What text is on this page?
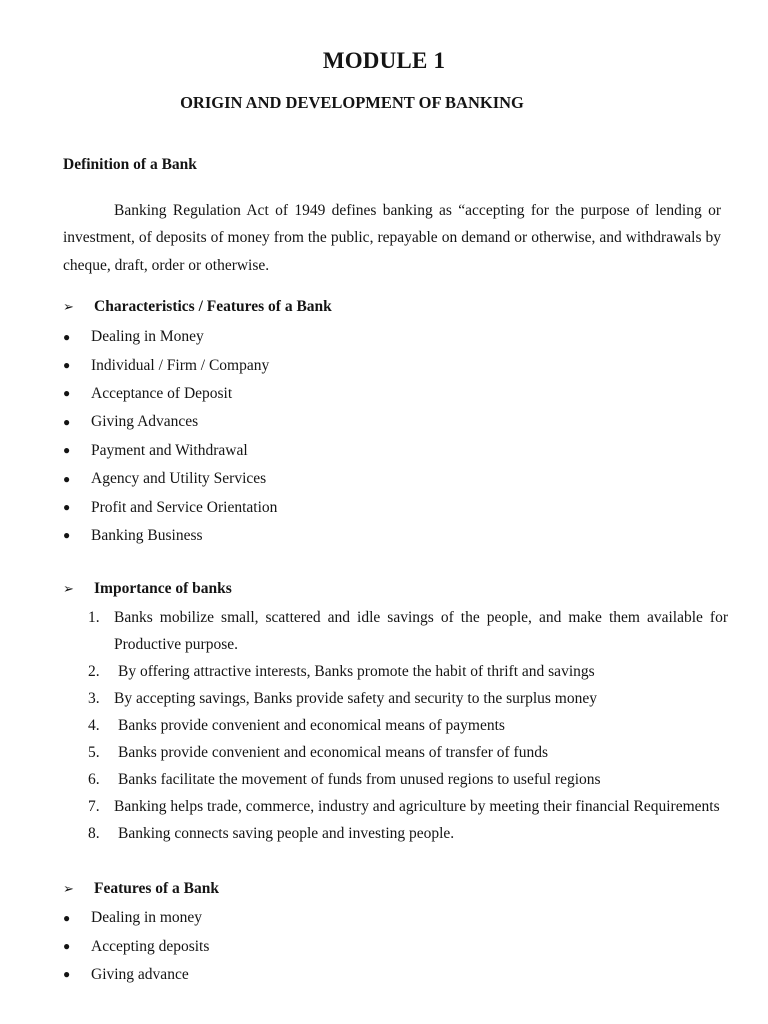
MODULE 1
ORIGIN AND DEVELOPMENT OF BANKING
Definition of a Bank

Banking Regulation Act of 1949 defines banking as “accepting for the purpose of lending or investment, of deposits of money from the public, repayable on demand or otherwise, and withdrawals by cheque, draft, order or otherwise.

➢	Characteristics / Features of a Bank
●	Dealing in Money
●	Individual / Firm / Company
●	Acceptance of Deposit
●	Giving Advances
●	Payment and Withdrawal
●	Agency and Utility Services
●	Profit and Service Orientation
●	Banking Business
➢	Importance of banks
1. Banks mobilize small, scattered and idle savings of the people, and make them available for Productive purpose.
2.	By offering attractive interests, Banks promote the habit of thrift and savings
3. By accepting savings, Banks provide safety and security to the surplus money
4.	Banks provide convenient and economical means of payments
5.	Banks provide convenient and economical means of transfer of funds
6.	Banks facilitate the movement of funds from unused regions to useful regions
7. Banking helps trade, commerce, industry and agriculture by meeting their financial Requirements
8.	Banking connects saving people and investing people.
➢	Features of a Bank
●	Dealing in money
●	Accepting deposits
●	Giving advance
